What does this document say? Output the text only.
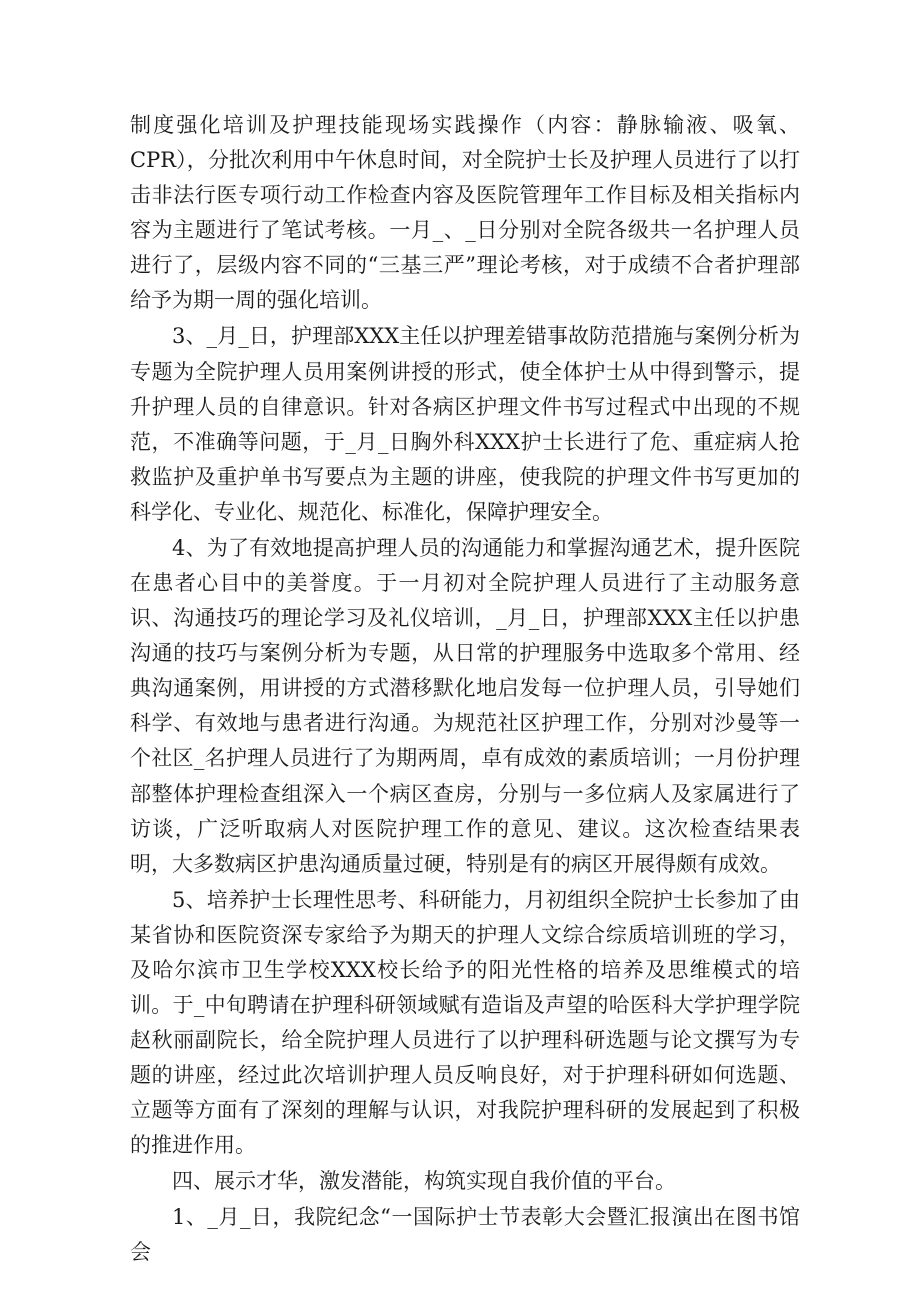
制度强化培训及护理技能现场实践操作（内容：静脉输液、吸氧、CPR），分批次利用中午休息时间，对全院护士长及护理人员进行了以打击非法行医专项行动工作检查内容及医院管理年工作目标及相关指标内容为主题进行了笔试考核。一月_、_日分别对全院各级共一名护理人员进行了，层级内容不同的“三基三严”理论考核，对于成绩不合者护理部给予为期一周的强化培训。

3、_月_日，护理部XXX主任以护理差错事故防范措施与案例分析为专题为全院护理人员用案例讲授的形式，使全体护士从中得到警示，提升护理人员的自律意识。针对各病区护理文件书写过程式中出现的不规范，不准确等问题，于_月_日胸外科XXX护士长进行了危、重症病人抢救监护及重护单书写要点为主题的讲座，使我院的护理文件书写更加的科学化、专业化、规范化、标准化，保障护理安全。

4、为了有效地提高护理人员的沟通能力和掌握沟通艺术，提升医院在患者心目中的美誉度。于一月初对全院护理人员进行了主动服务意识、沟通技巧的理论学习及礼仪培训，_月_日，护理部XXX主任以护患沟通的技巧与案例分析为专题，从日常的护理服务中选取多个常用、经典沟通案例，用讲授的方式潜移默化地启发每一位护理人员，引导她们科学、有效地与患者进行沟通。为规范社区护理工作，分别对沙曼等一个社区_名护理人员进行了为期两周，卓有成效的素质培训；一月份护理部整体护理检查组深入一个病区查房，分别与一多位病人及家属进行了访谈，广泛听取病人对医院护理工作的意见、建议。这次检查结果表明，大多数病区护患沟通质量过硬，特别是有的病区开展得颇有成效。

5、培养护士长理性思考、科研能力，月初组织全院护士长参加了由某省协和医院资深专家给予为期天的护理人文综合综质培训班的学习，及哈尔滨市卫生学校XXX校长给予的阳光性格的培养及思维模式的培训。于_中旬聘请在护理科研领域赋有造诣及声望的哈医科大学护理学院赵秋丽副院长，给全院护理人员进行了以护理科研选题与论文撰写为专题的讲座，经过此次培训护理人员反响良好，对于护理科研如何选题、立题等方面有了深刻的理解与认识，对我院护理科研的发展起到了积极的推进作用。

四、展示才华，激发潜能，构筑实现自我价值的平台。

1、_月_日，我院纪念“一国际护士节表彰大会暨汇报演出在图书馆会
